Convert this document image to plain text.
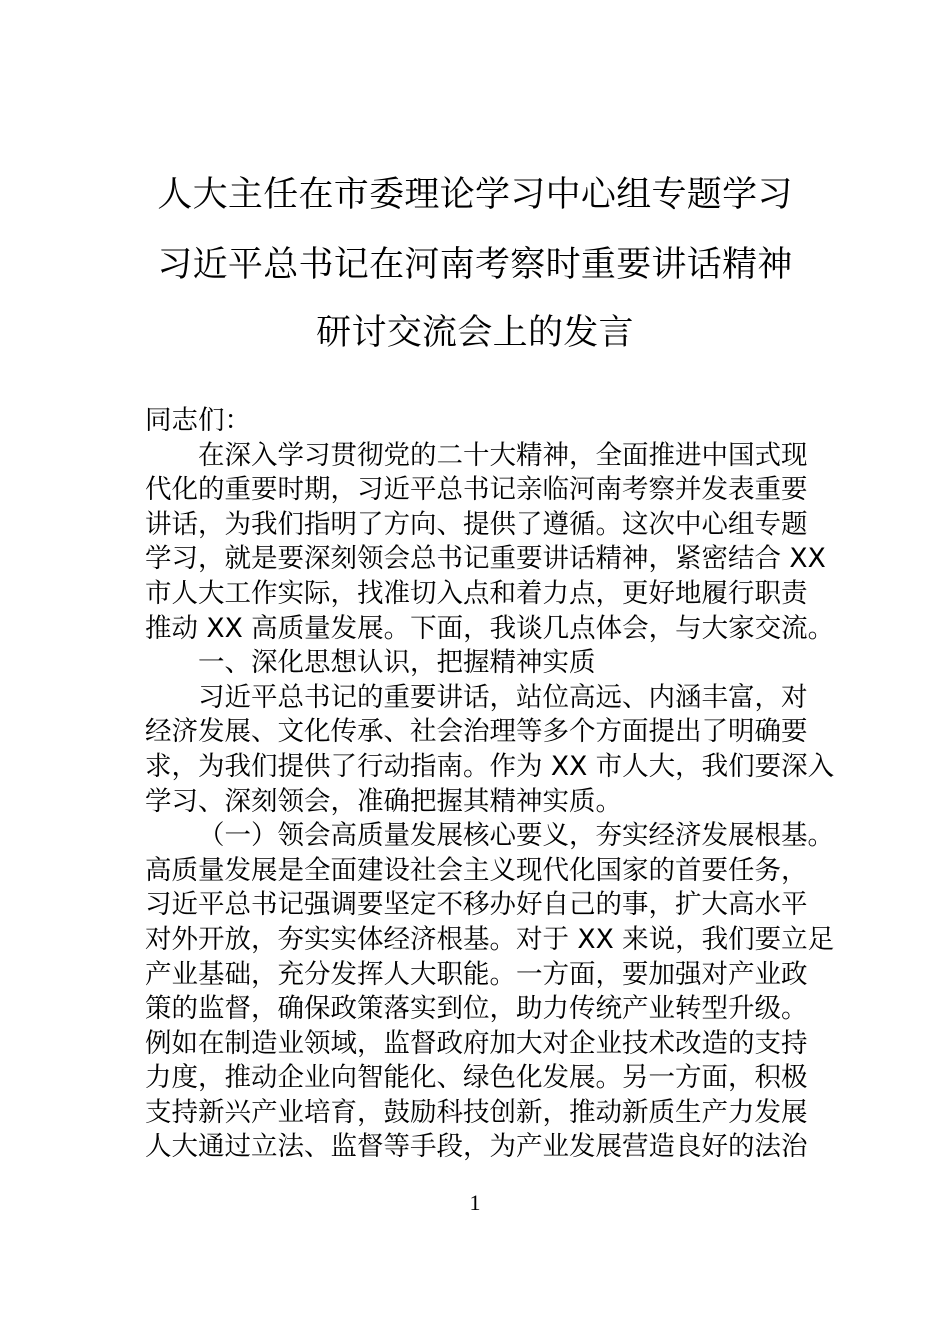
人大主任在市委理论学习中心组专题学习
习近平总书记在河南考察时重要讲话精神
研讨交流会上的发言
同志们：
在深入学习贯彻党的二十大精神，全面推进中国式现
代化的重要时期，习近平总书记亲临河南考察并发表重要
讲话，为我们指明了方向、提供了遵循。这次中心组专题
学习，就是要深刻领会总书记重要讲话精神，紧密结合 XX
市人大工作实际，找准切入点和着力点，更好地履行职责
推动 XX 高质量发展。下面，我谈几点体会，与大家交流。
一、深化思想认识，把握精神实质
习近平总书记的重要讲话，站位高远、内涵丰富，对
经济发展、文化传承、社会治理等多个方面提出了明确要
求，为我们提供了行动指南。作为 XX 市人大，我们要深入
学习、深刻领会，准确把握其精神实质。
（一）领会高质量发展核心要义，夯实经济发展根基。
高质量发展是全面建设社会主义现代化国家的首要任务，
习近平总书记强调要坚定不移办好自己的事，扩大高水平
对外开放，夯实实体经济根基。对于 XX 来说，我们要立足
产业基础，充分发挥人大职能。一方面，要加强对产业政
策的监督，确保政策落实到位，助力传统产业转型升级。
例如在制造业领域，监督政府加大对企业技术改造的支持
力度，推动企业向智能化、绿色化发展。另一方面，积极
支持新兴产业培育，鼓励科技创新，推动新质生产力发展
人大通过立法、监督等手段，为产业发展营造良好的法治
1
